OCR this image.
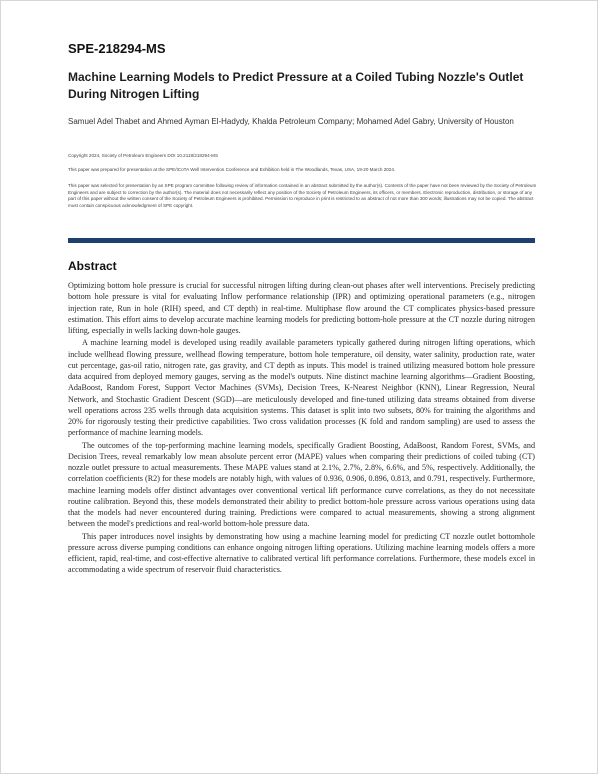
SPE-218294-MS
Machine Learning Models to Predict Pressure at a Coiled Tubing Nozzle's Outlet During Nitrogen Lifting
Samuel Adel Thabet and Ahmed Ayman El-Hadydy, Khalda Petroleum Company; Mohamed Adel Gabry, University of Houston
Copyright 2024, Society of Petroleum Engineers DOI 10.2118/218294-MS
This paper was prepared for presentation at the SPE/ICoTA Well Intervention Conference and Exhibition held in The Woodlands, Texas, USA, 19-20 March 2024.
This paper was selected for presentation by an SPE program committee following review of information contained in an abstract submitted by the author(s). Contents of the paper have not been reviewed by the Society of Petroleum Engineers and are subject to correction by the author(s). The material does not necessarily reflect any position of the Society of Petroleum Engineers, its officers, or members. Electronic reproduction, distribution, or storage of any part of this paper without the written consent of the Society of Petroleum Engineers is prohibited. Permission to reproduce in print is restricted to an abstract of not more than 300 words; illustrations may not be copied. The abstract must contain conspicuous acknowledgment of SPE copyright.
Abstract

Optimizing bottom hole pressure is crucial for successful nitrogen lifting during clean-out phases after well interventions. Precisely predicting bottom hole pressure is vital for evaluating Inflow performance relationship (IPR) and optimizing operational parameters (e.g., nitrogen injection rate, Run in hole (RIH) speed, and CT depth) in real-time. Multiphase flow around the CT complicates physics-based pressure estimation. This effort aims to develop accurate machine learning models for predicting bottom-hole pressure at the CT nozzle during nitrogen lifting, especially in wells lacking down-hole gauges.

A machine learning model is developed using readily available parameters typically gathered during nitrogen lifting operations, which include wellhead flowing pressure, wellhead flowing temperature, bottom hole temperature, oil density, water salinity, production rate, water cut percentage, gas-oil ratio, nitrogen rate, gas gravity, and CT depth as inputs. This model is trained utilizing measured bottom hole pressure data acquired from deployed memory gauges, serving as the model's outputs. Nine distinct machine learning algorithms—Gradient Boosting, AdaBoost, Random Forest, Support Vector Machines (SVMs), Decision Trees, K-Nearest Neighbor (KNN), Linear Regression, Neural Network, and Stochastic Gradient Descent (SGD)—are meticulously developed and fine-tuned utilizing data streams obtained from diverse well operations across 235 wells through data acquisition systems. This dataset is split into two subsets, 80% for training the algorithms and 20% for rigorously testing their predictive capabilities. Two cross validation processes (K fold and random sampling) are used to assess the performance of machine learning models.

The outcomes of the top-performing machine learning models, specifically Gradient Boosting, AdaBoost, Random Forest, SVMs, and Decision Trees, reveal remarkably low mean absolute percent error (MAPE) values when comparing their predictions of coiled tubing (CT) nozzle outlet pressure to actual measurements. These MAPE values stand at 2.1%, 2.7%, 2.8%, 6.6%, and 5%, respectively. Additionally, the correlation coefficients (R2) for these models are notably high, with values of 0.936, 0.906, 0.896, 0.813, and 0.791, respectively. Furthermore, machine learning models offer distinct advantages over conventional vertical lift performance curve correlations, as they do not necessitate routine calibration. Beyond this, these models demonstrated their ability to predict bottom-hole pressure across various operations using data that the models had never encountered during training. Predictions were compared to actual measurements, showing a strong alignment between the model's predictions and real-world bottom-hole pressure data.

This paper introduces novel insights by demonstrating how using a machine learning model for predicting CT nozzle outlet bottomhole pressure across diverse pumping conditions can enhance ongoing nitrogen lifting operations. Utilizing machine learning models offers a more efficient, rapid, real-time, and cost-effective alternative to calibrated vertical lift performance correlations. Furthermore, these models excel in accommodating a wide spectrum of reservoir fluid characteristics.
